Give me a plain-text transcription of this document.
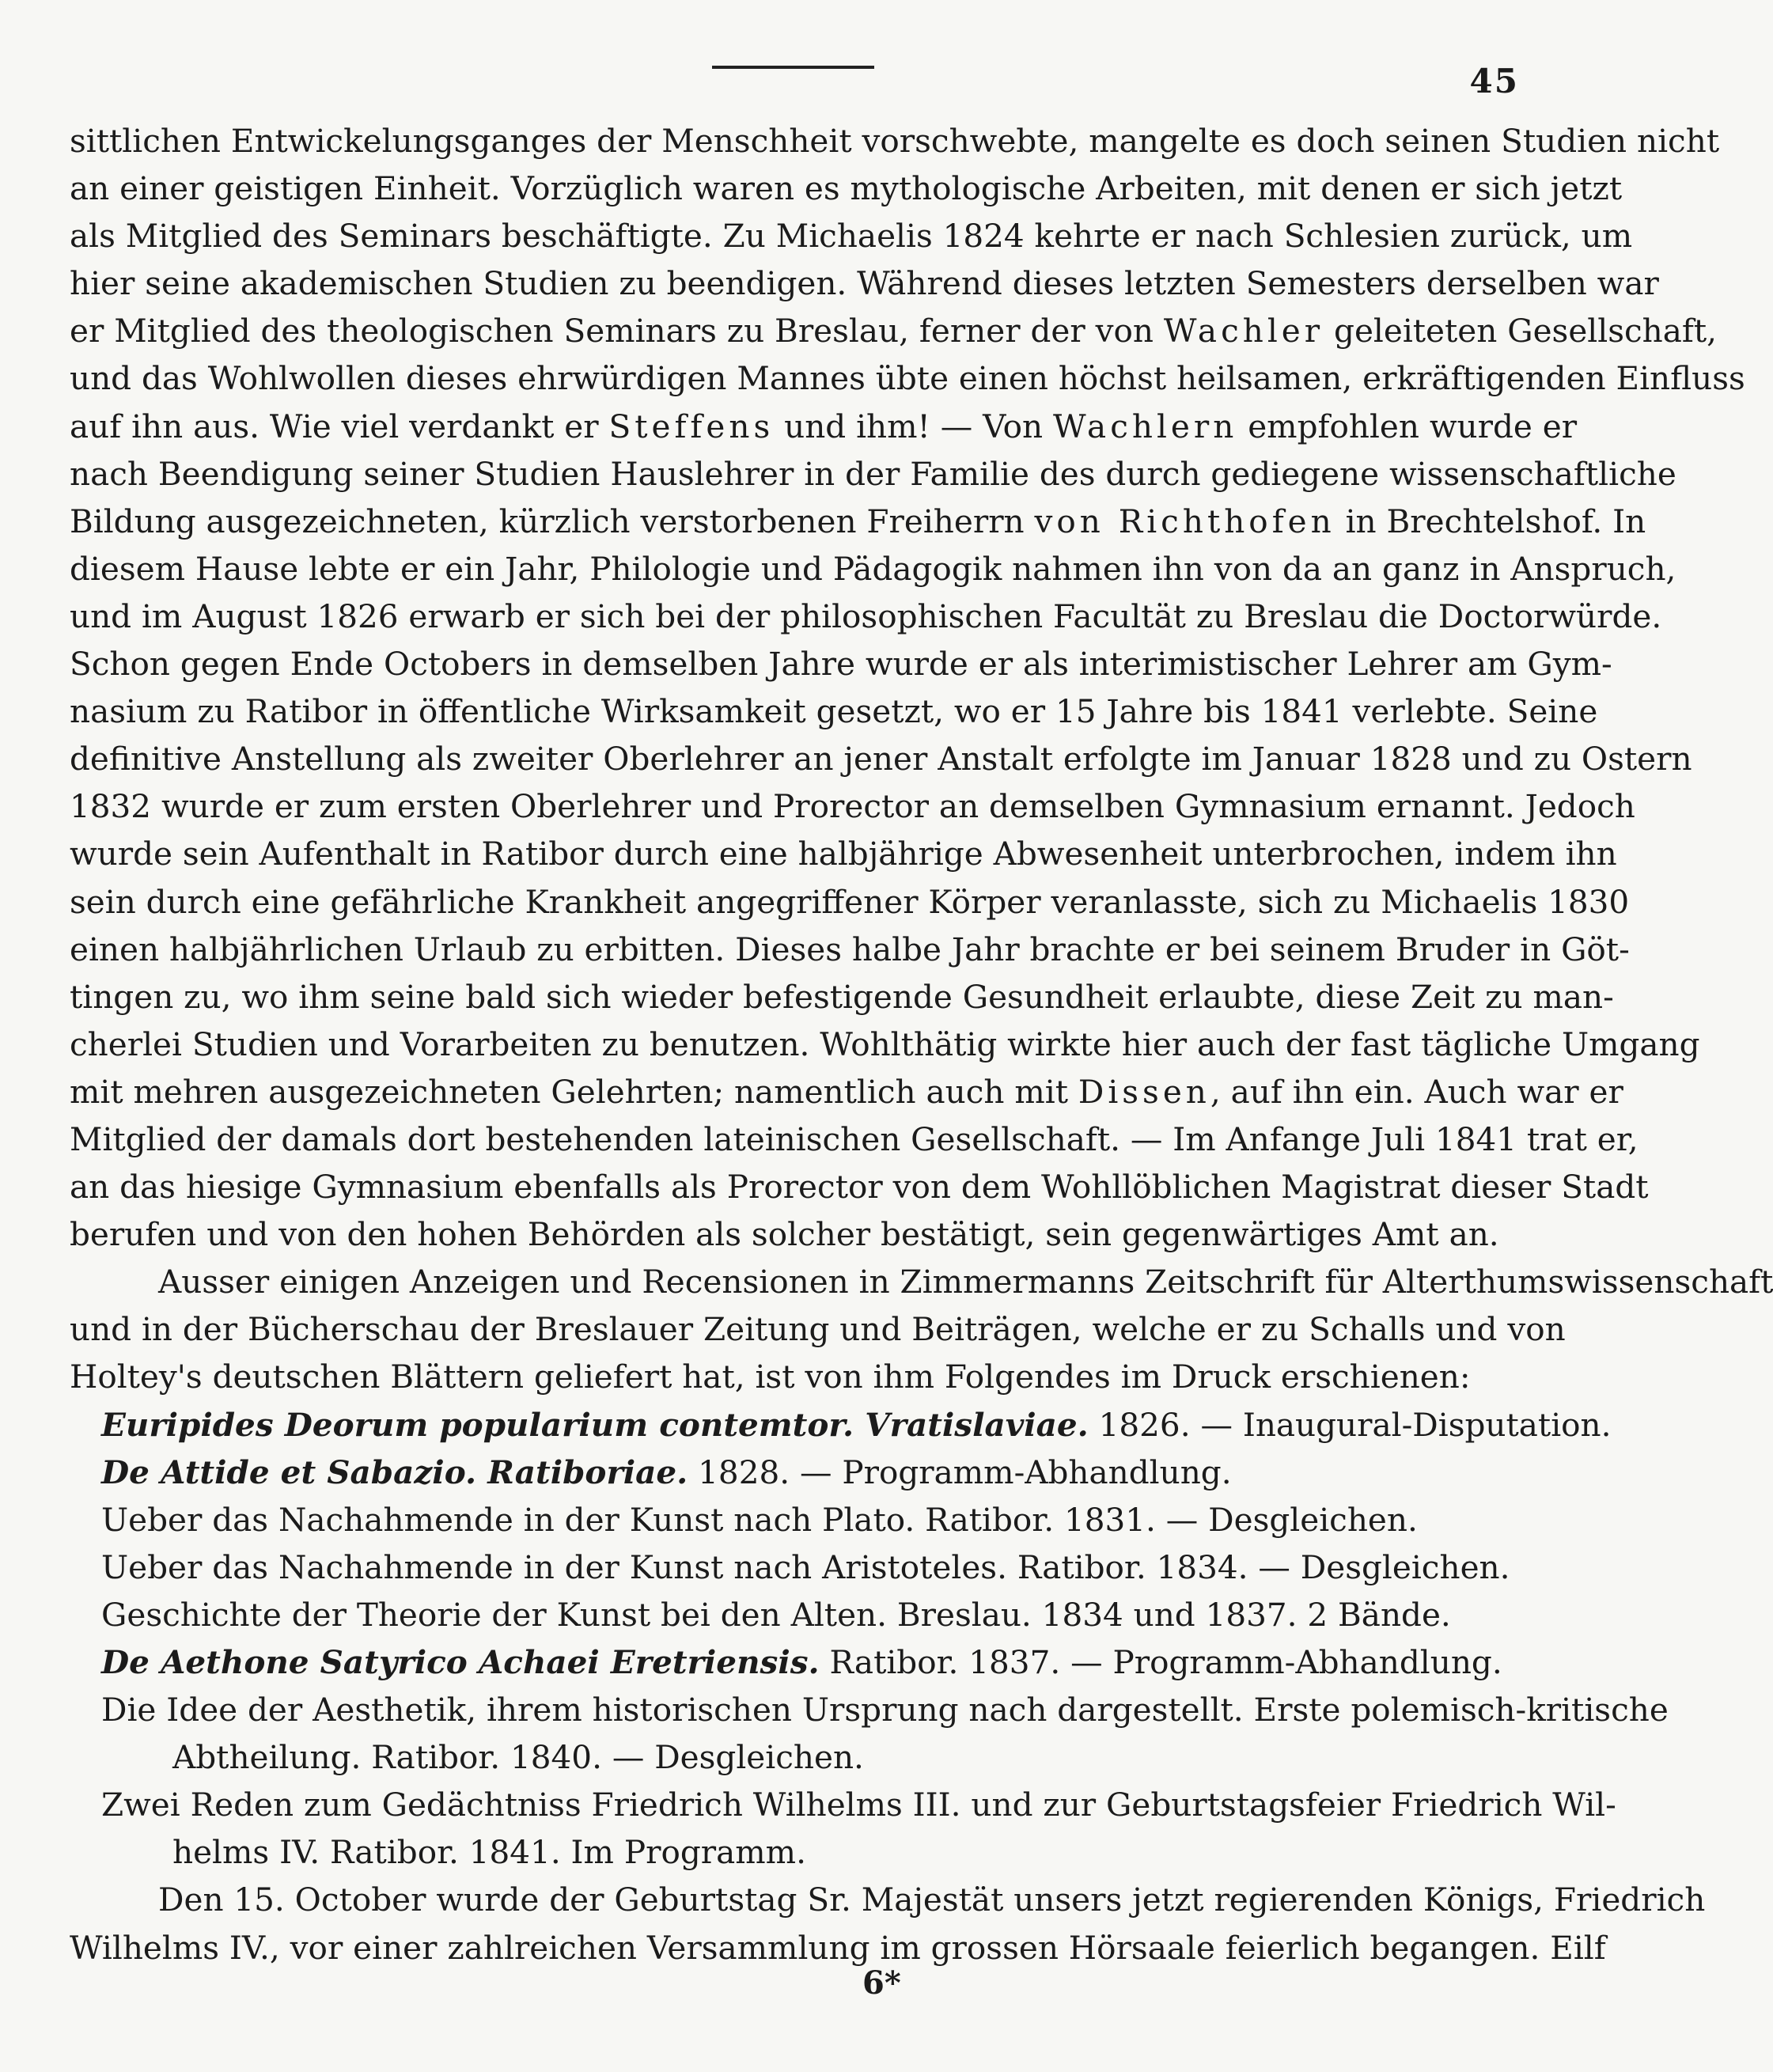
45
sittlichen Entwickelungsganges der Menschheit vorschwebte, mangelte es doch seinen Studien nicht
an einer geistigen Einheit. Vorzüglich waren es mythologische Arbeiten, mit denen er sich jetzt
als Mitglied des Seminars beschäftigte. Zu Michaelis 1824 kehrte er nach Schlesien zurück, um
hier seine akademischen Studien zu beendigen. Während dieses letzten Semesters derselben war
er Mitglied des theologischen Seminars zu Breslau, ferner der von Wachler geleiteten Gesellschaft,
und das Wohlwollen dieses ehrwürdigen Mannes übte einen höchst heilsamen, erkräftigenden Einfluss
auf ihn aus. Wie viel verdankt er Steffens und ihm! — Von Wachlern empfohlen wurde er
nach Beendigung seiner Studien Hauslehrer in der Familie des durch gediegene wissenschaftliche
Bildung ausgezeichneten, kürzlich verstorbenen Freiherrn von Richthofen in Brechtelshof. In
diesem Hause lebte er ein Jahr, Philologie und Pädagogik nahmen ihn von da an ganz in Anspruch,
und im August 1826 erwarb er sich bei der philosophischen Facultät zu Breslau die Doctorwürde.
Schon gegen Ende Octobers in demselben Jahre wurde er als interimistischer Lehrer am Gym-
nasium zu Ratibor in öffentliche Wirksamkeit gesetzt, wo er 15 Jahre bis 1841 verlebte. Seine
definitive Anstellung als zweiter Oberlehrer an jener Anstalt erfolgte im Januar 1828 und zu Ostern
1832 wurde er zum ersten Oberlehrer und Prorector an demselben Gymnasium ernannt. Jedoch
wurde sein Aufenthalt in Ratibor durch eine halbjährige Abwesenheit unterbrochen, indem ihn
sein durch eine gefährliche Krankheit angegriffener Körper veranlasste, sich zu Michaelis 1830
einen halbjährlichen Urlaub zu erbitten. Dieses halbe Jahr brachte er bei seinem Bruder in Göt-
tingen zu, wo ihm seine bald sich wieder befestigende Gesundheit erlaubte, diese Zeit zu man-
cherlei Studien und Vorarbeiten zu benutzen. Wohlthätig wirkte hier auch der fast tägliche Umgang
mit mehren ausgezeichneten Gelehrten; namentlich auch mit Dissen, auf ihn ein. Auch war er
Mitglied der damals dort bestehenden lateinischen Gesellschaft. — Im Anfange Juli 1841 trat er,
an das hiesige Gymnasium ebenfalls als Prorector von dem Wohllöblichen Magistrat dieser Stadt
berufen und von den hohen Behörden als solcher bestätigt, sein gegenwärtiges Amt an.
Ausser einigen Anzeigen und Recensionen in Zimmermanns Zeitschrift für Alterthumswissenschaft
und in der Bücherschau der Breslauer Zeitung und Beiträgen, welche er zu Schalls und von
Holtey's deutschen Blättern geliefert hat, ist von ihm Folgendes im Druck erschienen:
Euripides Deorum popularium contemtor. Vratislaviae. 1826. — Inaugural-Disputation.
De Attide et Sabazio. Ratiboriae. 1828. — Programm-Abhandlung.
Ueber das Nachahmende in der Kunst nach Plato. Ratibor. 1831. — Desgleichen.
Ueber das Nachahmende in der Kunst nach Aristoteles. Ratibor. 1834. — Desgleichen.
Geschichte der Theorie der Kunst bei den Alten. Breslau. 1834 und 1837. 2 Bände.
De Aethone Satyrico Achaei Eretriensis. Ratibor. 1837. — Programm-Abhandlung.
Die Idee der Aesthetik, ihrem historischen Ursprung nach dargestellt. Erste polemisch-kritische
Abtheilung. Ratibor. 1840. — Desgleichen.
Zwei Reden zum Gedächtniss Friedrich Wilhelms III. und zur Geburtstagsfeier Friedrich Wil-
helms IV. Ratibor. 1841. Im Programm.
Den 15. October wurde der Geburtstag Sr. Majestät unsers jetzt regierenden Königs, Friedrich
Wilhelms IV., vor einer zahlreichen Versammlung im grossen Hörsaale feierlich begangen. Eilf
6*
